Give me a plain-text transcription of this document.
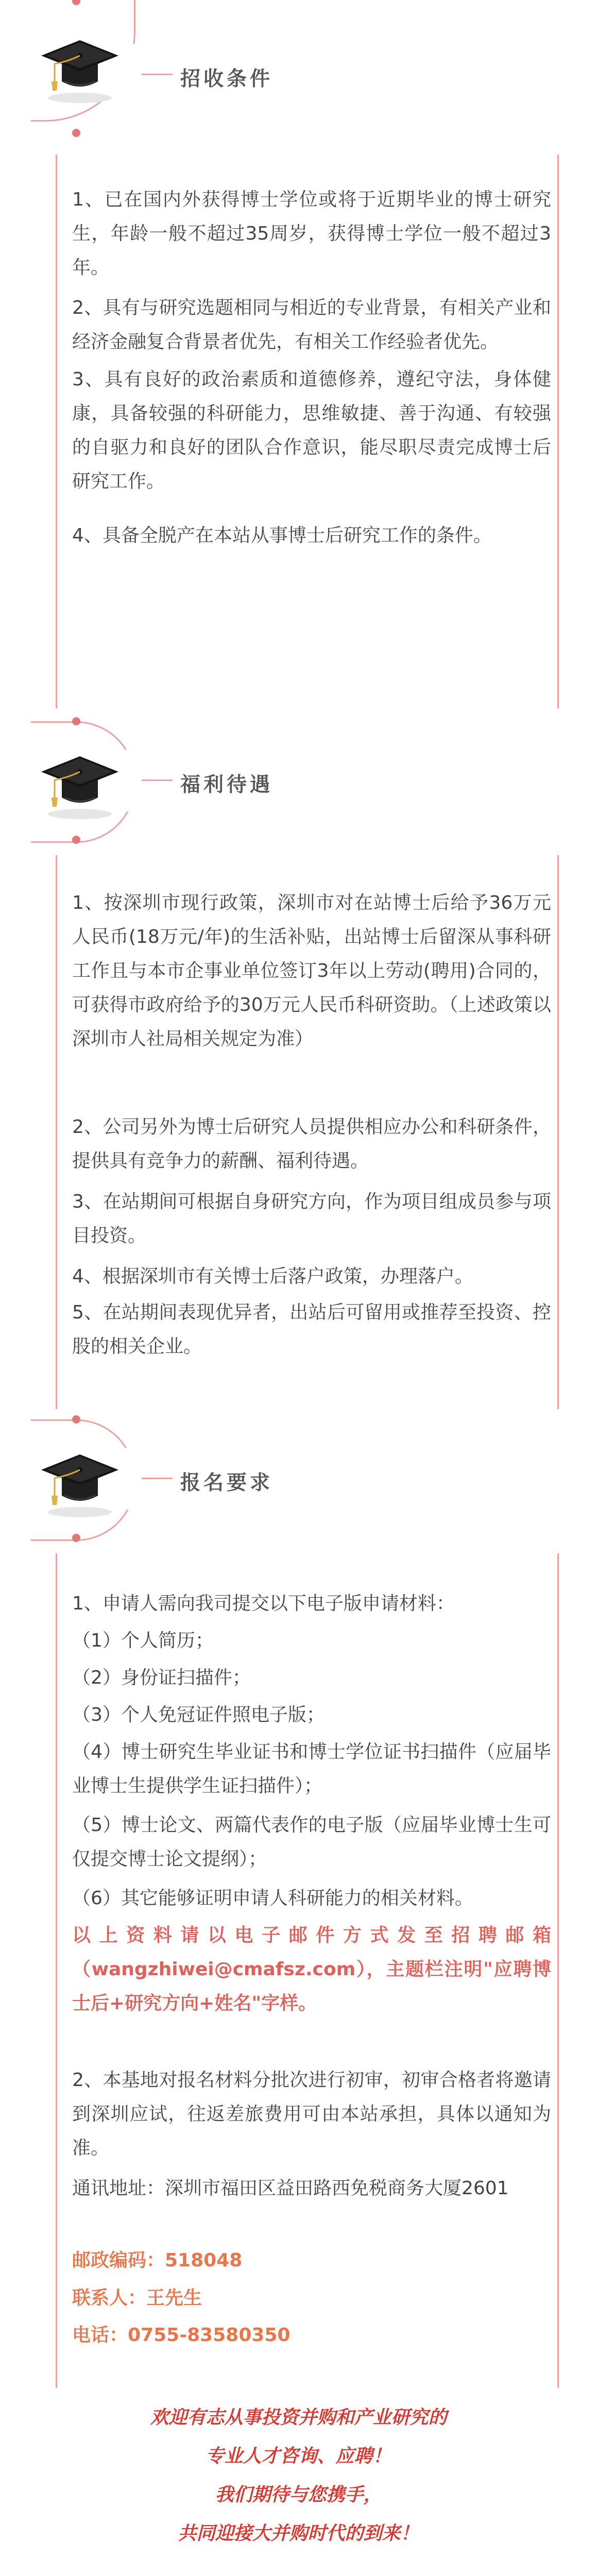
招收条件
1、已在国内外获得博士学位或将于近期毕业的博士研究生，年龄一般不超过35周岁，获得博士学位一般不超过3年。
2、具有与研究选题相同与相近的专业背景，有相关产业和经济金融复合背景者优先，有相关工作经验者优先。
3、具有良好的政治素质和道德修养，遵纪守法，身体健康，具备较强的科研能力，思维敏捷、善于沟通、有较强的自驱力和良好的团队合作意识，能尽职尽责完成博士后研究工作。
4、具备全脱产在本站从事博士后研究工作的条件。
福利待遇
1、按深圳市现行政策，深圳市对在站博士后给予36万元人民币(18万元/年)的生活补贴，出站博士后留深从事科研工作且与本市企事业单位签订3年以上劳动(聘用)合同的，可获得市政府给予的30万元人民币科研资助。（上述政策以深圳市人社局相关规定为准）
2、公司另外为博士后研究人员提供相应办公和科研条件，提供具有竞争力的薪酬、福利待遇。
3、在站期间可根据自身研究方向，作为项目组成员参与项目投资。
4、根据深圳市有关博士后落户政策，办理落户。
5、在站期间表现优异者，出站后可留用或推荐至投资、控股的相关企业。
报名要求
1、申请人需向我司提交以下电子版申请材料：
（1）个人简历；
（2）身份证扫描件；
（3）个人免冠证件照电子版；
（4）博士研究生毕业证书和博士学位证书扫描件（应届毕业博士生提供学生证扫描件）；
（5）博士论文、两篇代表作的电子版（应届毕业博士生可仅提交博士论文提纲）；
（6）其它能够证明申请人科研能力的相关材料。
以上资料请以电子邮件方式发至招聘邮箱（wangzhiwei@cmafsz.com），主题栏注明"应聘博士后+研究方向+姓名"字样。
2、本基地对报名材料分批次进行初审，初审合格者将邀请到深圳应试，往返差旅费用可由本站承担，具体以通知为准。
通讯地址：深圳市福田区益田路西免税商务大厦2601
邮政编码：518048
联系人：王先生
电话：0755-83580350
欢迎有志从事投资并购和产业研究的
专业人才咨询、应聘！
我们期待与您携手，
共同迎接大并购时代的到来！
